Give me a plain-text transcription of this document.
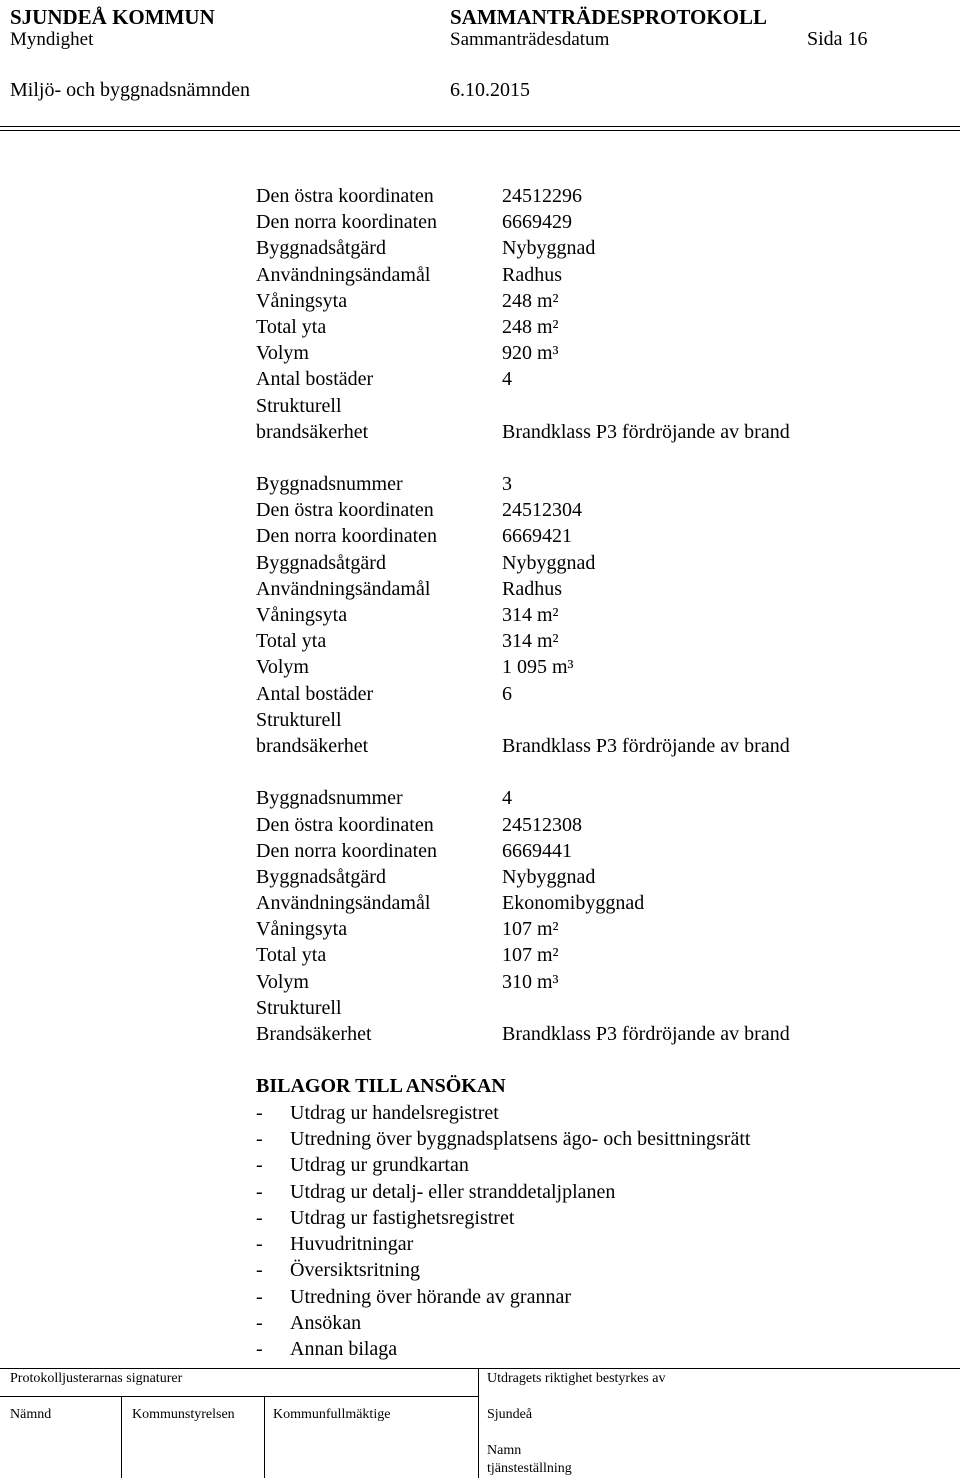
SJUNDEÅ KOMMUN	SAMMANTRÄDESPROTOKOLL
Myndighet	Sammanträdesdatum	Sida 16
Miljö- och byggnadsnämnden	6.10.2015
Den östra koordinaten	24512296
Den norra koordinaten	6669429
Byggnadsåtgärd	Nybyggnad
Användningsändamål	Radhus
Våningsyta	248 m²
Total yta	248 m²
Volym	920 m³
Antal bostäder	4
Strukturell
brandsäkerhet	Brandklass P3 fördröjande av brand
Byggnadsnummer	3
Den östra koordinaten	24512304
Den norra koordinaten	6669421
Byggnadsåtgärd	Nybyggnad
Användningsändamål	Radhus
Våningsyta	314 m²
Total yta	314 m²
Volym	1 095 m³
Antal bostäder	6
Strukturell
brandsäkerhet	Brandklass P3 fördröjande av brand
Byggnadsnummer	4
Den östra koordinaten	24512308
Den norra koordinaten	6669441
Byggnadsåtgärd	Nybyggnad
Användningsändamål	Ekonomibyggnad
Våningsyta	107 m²
Total yta	107 m²
Volym	310 m³
Strukturell
Brandsäkerhet	Brandklass P3 fördröjande av brand
BILAGOR TILL ANSÖKAN
- Utdrag ur handelsregistret
- Utredning över byggnadsplatsens ägo- och besittningsrätt
- Utdrag ur grundkartan
- Utdrag ur detalj- eller stranddetaljplanen
- Utdrag ur fastighetsregistret
- Huvudritningar
- Översiktsritning
- Utredning över hörande av grannar
- Ansökan
- Annan bilaga
Protokolljusterarnas signaturer	Utdragets riktighet bestyrkes av
Nämnd	Kommunstyrelsen	Kommunfullmäktige	Sjundeå
Namn
tjänsteställning
